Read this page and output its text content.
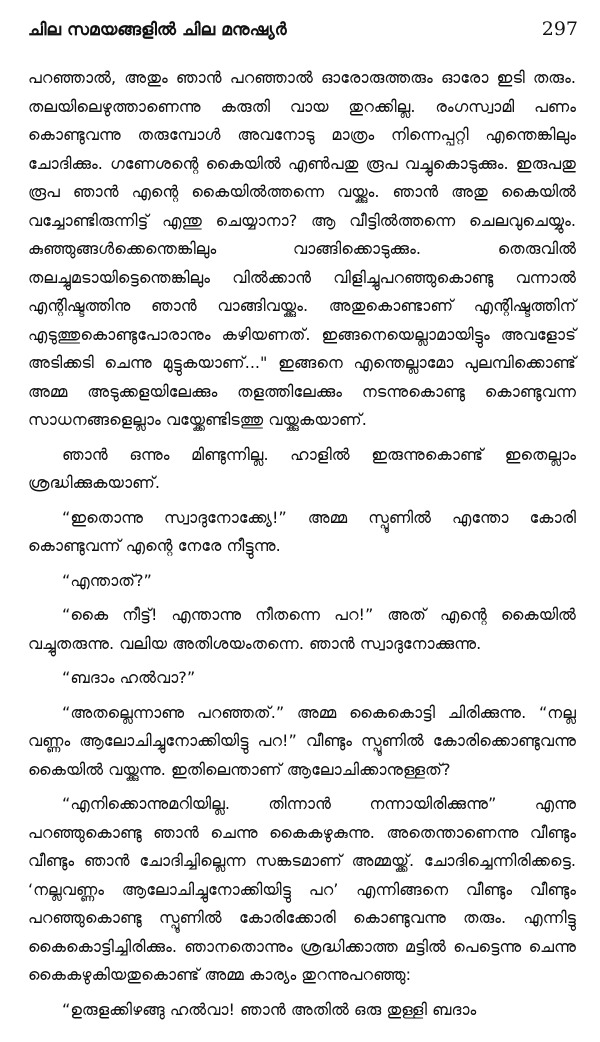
ചില സമയങ്ങളിൽ ചില മനുഷ്യർ	297

പറഞ്ഞാൽ, അതും ഞാൻ പറഞ്ഞാൽ ഓരോരുത്തരും ഓരോ ഇടി തരും. തലയിലെഴുത്താണെന്നു കരുതി വായ തുറക്കില്ല. രംഗസ്വാമി പണം കൊണ്ടുവന്നു തരുമ്പോൾ അവനോടു മാത്രം നിന്നെപ്പറ്റി എന്തെങ്കിലും ചോദിക്കും. ഗണേശന്റെ കൈയിൽ എൺപതു രൂപ വച്ചുകൊടുക്കും. ഇരുപതു രൂപ ഞാൻ എന്റെ കൈയിൽത്തന്നെ വയ്ക്കും. ഞാൻ അതു കൈയിൽ വച്ചോണ്ടിരുന്നിട്ട് എന്തു ചെയ്യാനാ? ആ വീട്ടിൽത്തന്നെ ചെലവുചെയ്യും. കുഞ്ഞുങ്ങൾക്കെന്തെങ്കിലും വാങ്ങിക്കൊടുക്കും. തെരുവിൽ തലച്ചുമടായിട്ടെന്തെങ്കിലും വിൽക്കാൻ വിളിച്ചുപറഞ്ഞുകൊണ്ടു വന്നാൽ എന്റിഷ്ടത്തിനു ഞാൻ വാങ്ങിവയ്ക്കും. അതുകൊണ്ടാണ് എന്റിഷ്ടത്തിന് എടുത്തുകൊണ്ടുപോരാനും കഴിയണത്. ഇങ്ങനെയെല്ലാമായിട്ടും അവളോട് അടിക്കടി ചെന്നു മുട്ടുകയാണ്..." ഇങ്ങനെ എന്തെല്ലാമോ പുലമ്പിക്കൊണ്ട് അമ്മ അടുക്കളയിലേക്കും തളത്തിലേക്കും നടന്നുകൊണ്ടു കൊണ്ടുവന്ന സാധനങ്ങളെല്ലാം വയ്ക്കേണ്ടിടത്തു വയ്ക്കുകയാണ്.

ഞാൻ ഒന്നും മിണ്ടുന്നില്ല. ഹാളിൽ ഇരുന്നുകൊണ്ട് ഇതെല്ലാം ശ്രദ്ധിക്കുകയാണ്.

“ഇതൊന്നു സ്വാദുനോക്ക്യേ!” അമ്മ സ്പൂണിൽ എന്തോ കോരി കൊണ്ടുവന്ന് എന്റെ നേരേ നീട്ടുന്നു.

“എന്താത്?”

“കൈ നീട്ട്! എന്താന്നു നീതന്നെ പറ!” അത് എന്റെ കൈയിൽ വച്ചുതരുന്നു. വലിയ അതിശയംതന്നെ. ഞാൻ സ്വാദുനോക്കുന്നു.

“ബദാം ഹൽവാ?”

“അതല്ലെന്നാണു പറഞ്ഞത്.” അമ്മ കൈകൊട്ടി ചിരിക്കുന്നു. “നല്ല വണ്ണം ആലോചിച്ചുനോക്കിയിട്ടു പറ!” വീണ്ടും സ്പൂണിൽ കോരിക്കൊണ്ടുവന്നു കൈയിൽ വയ്ക്കുന്നു. ഇതിലെന്താണ് ആലോചിക്കാനുള്ളത്?

“എനിക്കൊന്നുമറിയില്ല. തിന്നാൻ നന്നായിരിക്കുന്നു” എന്നു പറഞ്ഞുകൊണ്ടു ഞാൻ ചെന്നു കൈകഴുകുന്നു. അതെന്താണെന്നു വീണ്ടും വീണ്ടും ഞാൻ ചോദിച്ചില്ലെന്ന സങ്കടമാണ് അമ്മയ്ക്ക്. ചോദിച്ചെന്നിരിക്കട്ടെ. ‘നല്ലവണ്ണം ആലോചിച്ചുനോക്കിയിട്ടു പറ’ എന്നിങ്ങനെ വീണ്ടും വീണ്ടും പറഞ്ഞുകൊണ്ടു സ്പൂണിൽ കോരിക്കോരി കൊണ്ടുവന്നു തരും. എന്നിട്ടു കൈകൊട്ടിച്ചിരിക്കും. ഞാനതൊന്നും ശ്രദ്ധിക്കാത്ത മട്ടിൽ പെട്ടെന്നു ചെന്നു കൈകഴുകിയതുകൊണ്ട് അമ്മ കാര്യം തുറന്നുപറഞ്ഞു:

“ഉരുളക്കിഴങ്ങു ഹൽവാ! ഞാൻ അതിൽ ഒരു തുള്ളി ബദാം
